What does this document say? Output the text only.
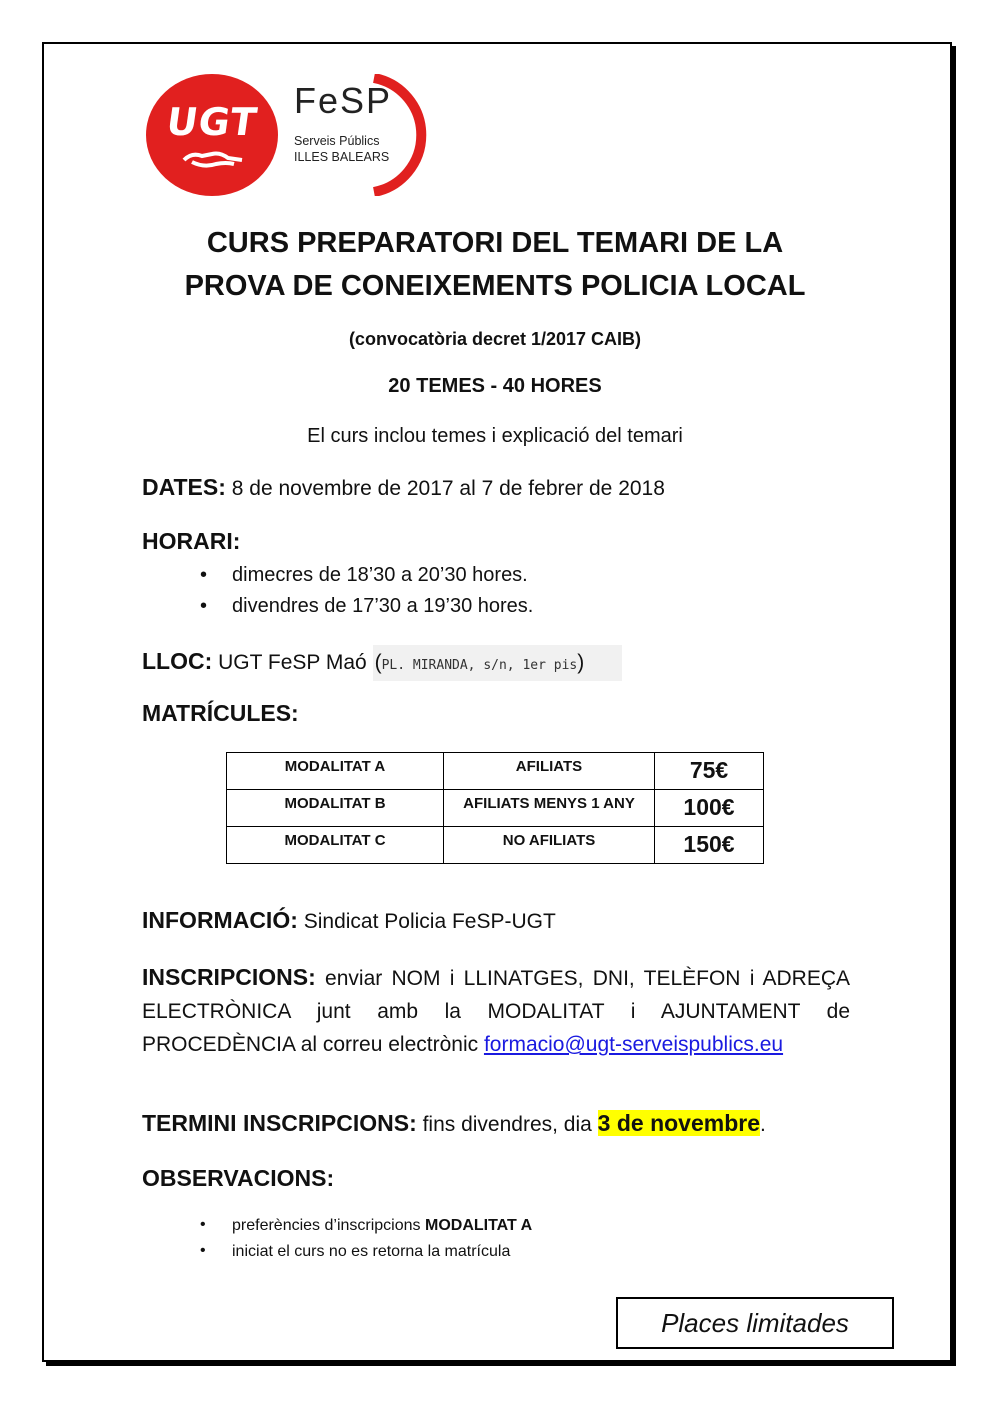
UGT FeSP
Serveis Públics
ILLES BALEARS
CURS PREPARATORI DEL TEMARI DE LA
PROVA DE CONEIXEMENTS POLICIA LOCAL
(convocatòria decret 1/2017 CAIB)
20 TEMES - 40 HORES
El curs inclou temes i explicació del temari
DATES: 8 de novembre de 2017 al 7 de febrer de 2018
HORARI:
• dimecres de 18’30 a 20’30 hores.
• divendres de 17’30 a 19’30 hores.
LLOC: UGT FeSP Maó (PL. MIRANDA, s/n, 1er pis)
MATRÍCULES:
MODALITAT A	AFILIATS	75€
MODALITAT B	AFILIATS MENYS 1 ANY	100€
MODALITAT C	NO AFILIATS	150€
INFORMACIÓ: Sindicat Policia FeSP-UGT
INSCRIPCIONS: enviar NOM i LLINATGES, DNI, TELÈFON i ADREÇA ELECTRÒNICA junt amb la MODALITAT i AJUNTAMENT de PROCEDÈNCIA al correu electrònic formacio@ugt-serveispublics.eu
TERMINI INSCRIPCIONS: fins divendres, dia 3 de novembre.
OBSERVACIONS:
• preferències d’inscripcions MODALITAT A
• iniciat el curs no es retorna la matrícula
Places limitades
